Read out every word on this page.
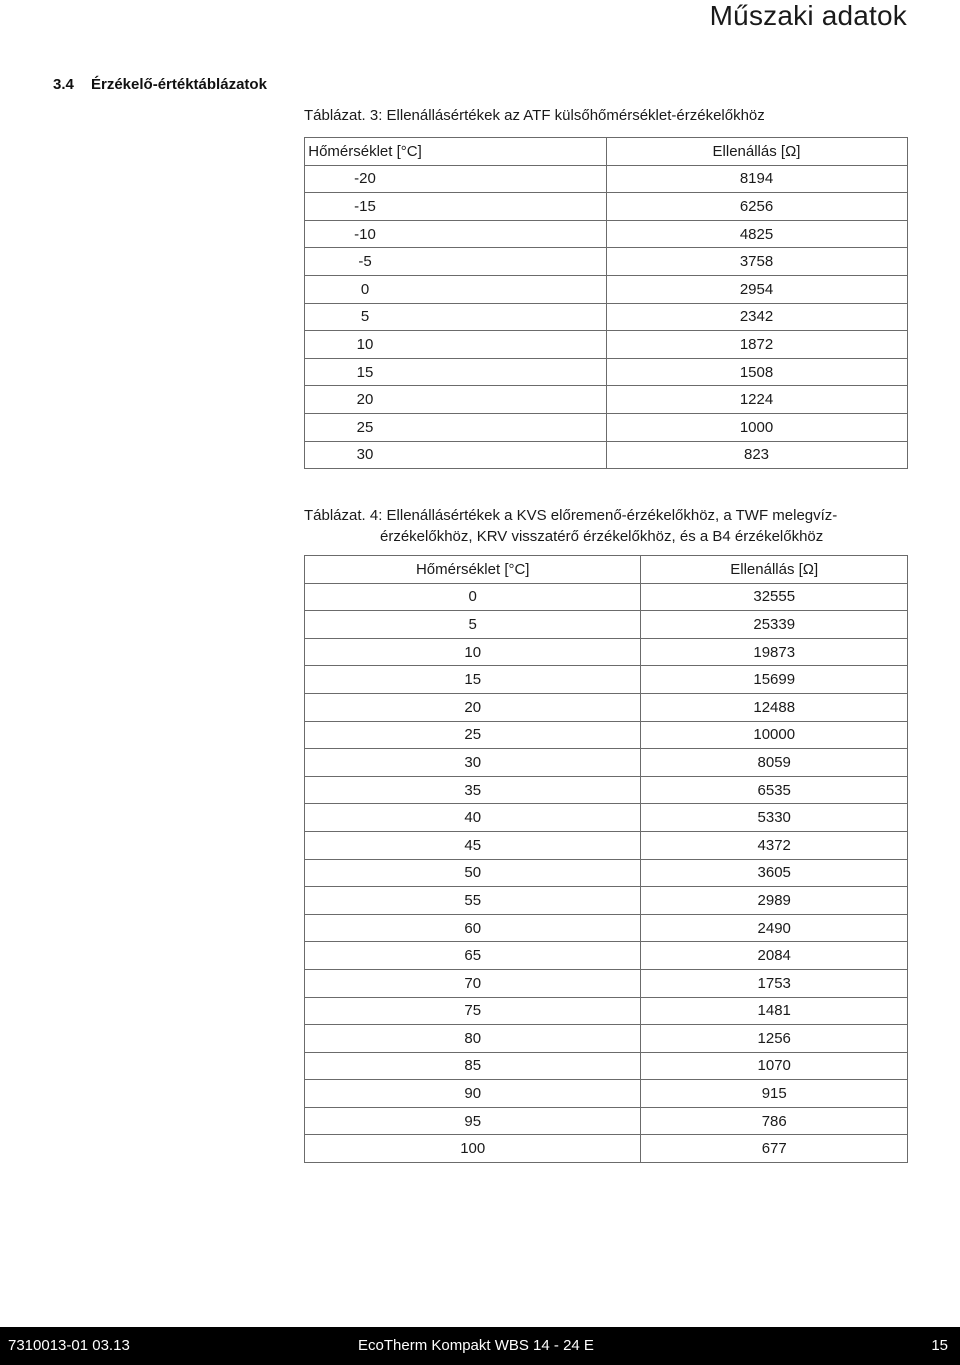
Műszaki adatok
3.4 Érzékelő-értéktáblázatok
Táblázat. 3: Ellenállásértékek az ATF külsőhőmérséklet-érzékelőkhöz
Hőmérséklet [°C]	Ellenállás [Ω]
-20	8194
-15	6256
-10	4825
-5	3758
0	2954
5	2342
10	1872
15	1508
20	1224
25	1000
30	823
Táblázat. 4: Ellenállásértékek a KVS előremenő-érzékelőkhöz, a TWF melegvíz-
érzékelőkhöz, KRV visszatérő érzékelőkhöz, és a B4 érzékelőkhöz
Hőmérséklet [°C]	Ellenállás [Ω]
0	32555
5	25339
10	19873
15	15699
20	12488
25	10000
30	8059
35	6535
40	5330
45	4372
50	3605
55	2989
60	2490
65	2084
70	1753
75	1481
80	1256
85	1070
90	915
95	786
100	677
7310013-01 03.13	EcoTherm Kompakt WBS 14 - 24 E	15
